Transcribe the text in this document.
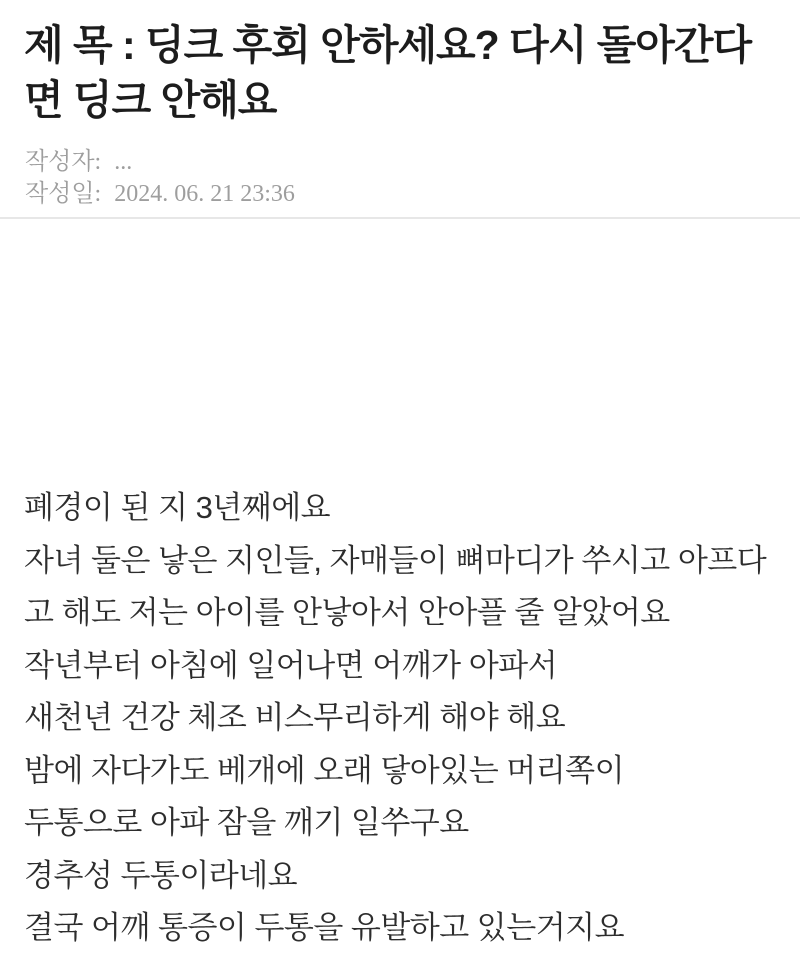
제 목 : 딩크 후회 안하세요? 다시 돌아간다
면 딩크 안해요
작성자: ...
작성일: 2024. 06. 21 23:36
폐경이 된 지 3년째에요
자녀 둘은 낳은 지인들, 자매들이 뼈마디가 쑤시고 아프다
고 해도 저는 아이를 안낳아서 안아플 줄 알았어요
작년부터 아침에 일어나면 어깨가 아파서
새천년 건강 체조 비스무리하게 해야 해요
밤에 자다가도 베개에 오래 닿아있는 머리쪽이
두통으로 아파 잠을 깨기 일쑤구요
경추성 두통이라네요
결국 어깨 통증이 두통을 유발하고 있는거지요
